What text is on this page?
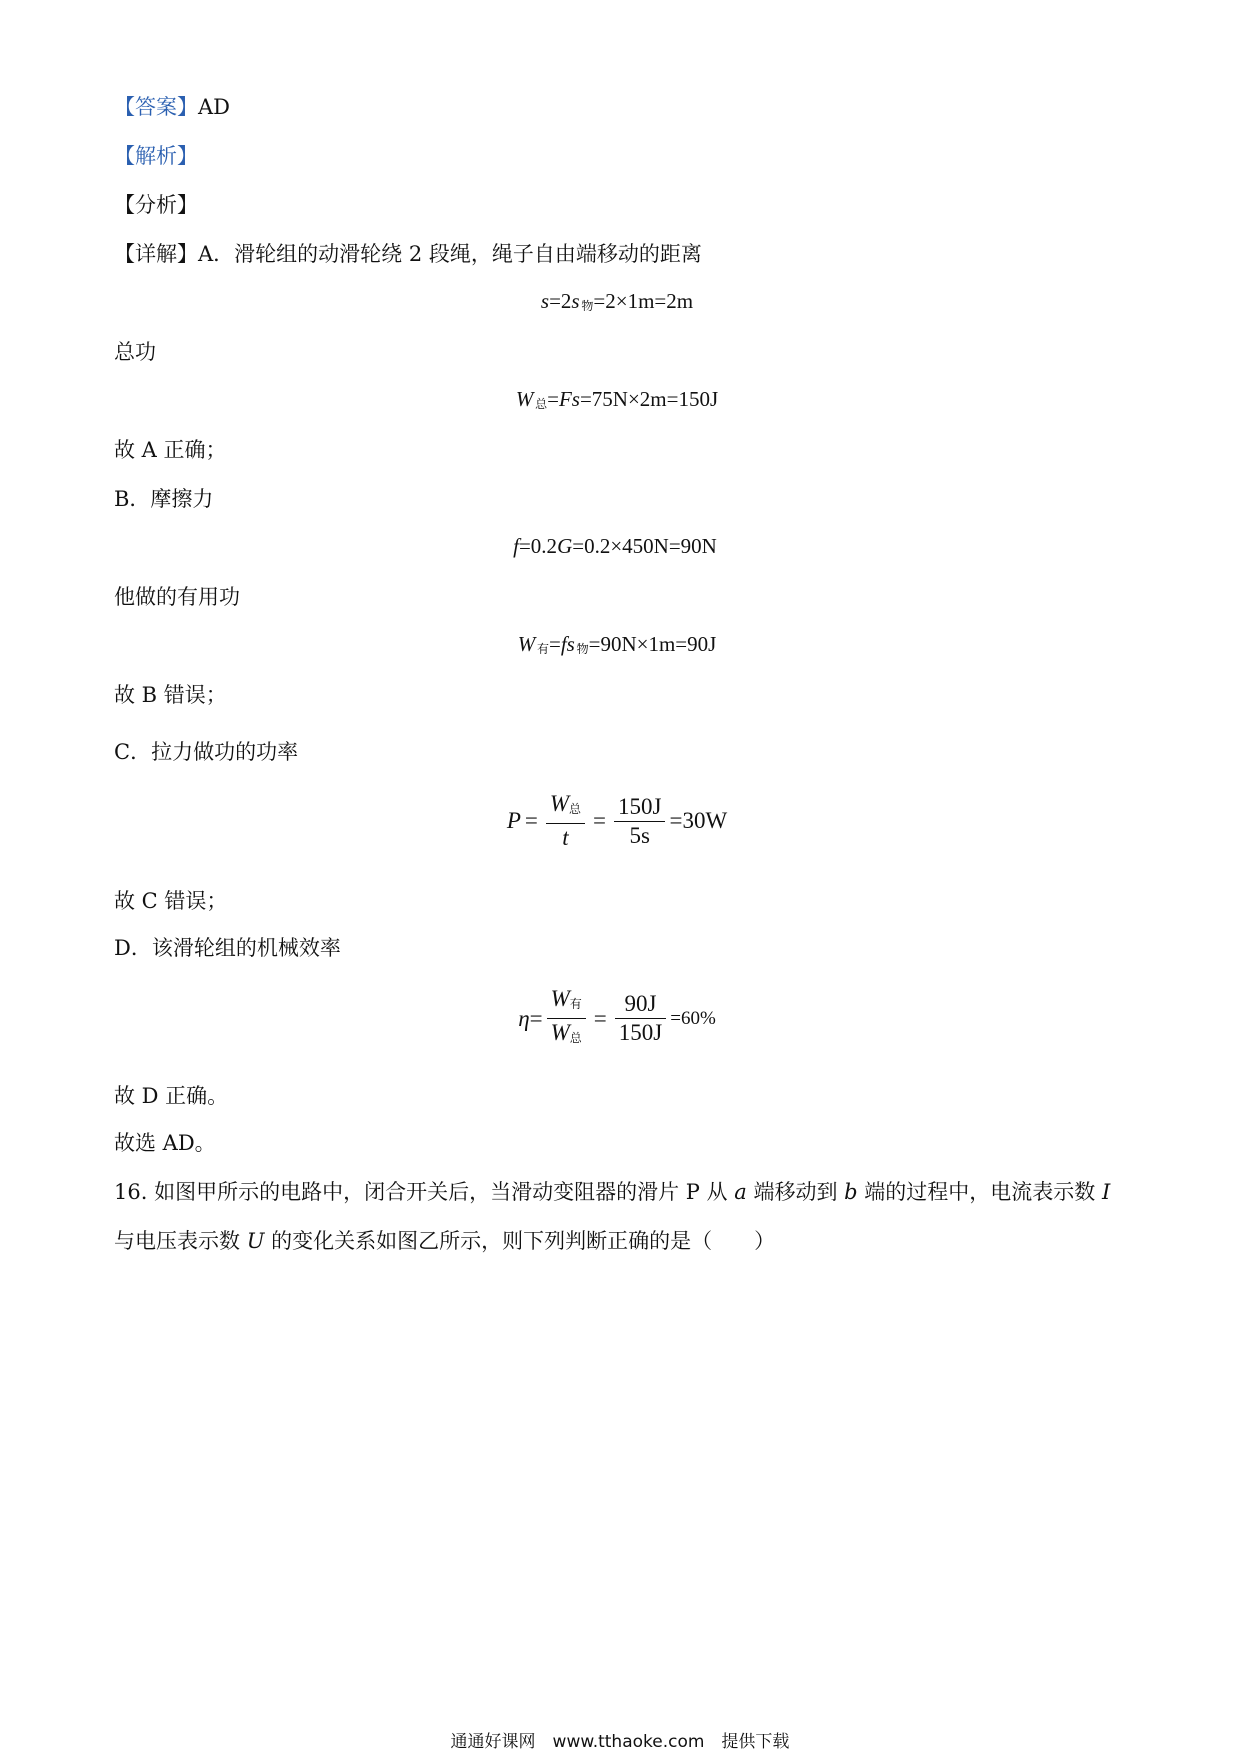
【答案】AD
【解析】
【分析】
【详解】A．滑轮组的动滑轮绕 2 段绳，绳子自由端移动的距离
s=2s  物=2×1m=2m
总功
W  总=Fs=75N×2m=150J
故 A 正确；
B．摩擦力
f=0.2G=0.2×450N=90N
他做的有用功
W  有=fs  物=90N×1m=90J
故 B 错误；
C．拉力做功的功率
$P = \frac{\text{W总}}{t} = \frac{150J}{5s} =30W$
故 C 错误；
D．该滑轮组的机械效率
$\eta = \frac{\text{W有}}{\text{W总}} = \frac{90J}{150J} =60\%$
故 D 正确。
故选 AD。
16. 如图甲所示的电路中，闭合开关后，当滑动变阻器的滑片 P 从 a 端移动到 b 端的过程中，电流表示数 I
与电压表示数 U 的变化关系如图乙所示，则下列判断正确的是（　　）
通通好课网　www.tthaoke.com　提供下载
